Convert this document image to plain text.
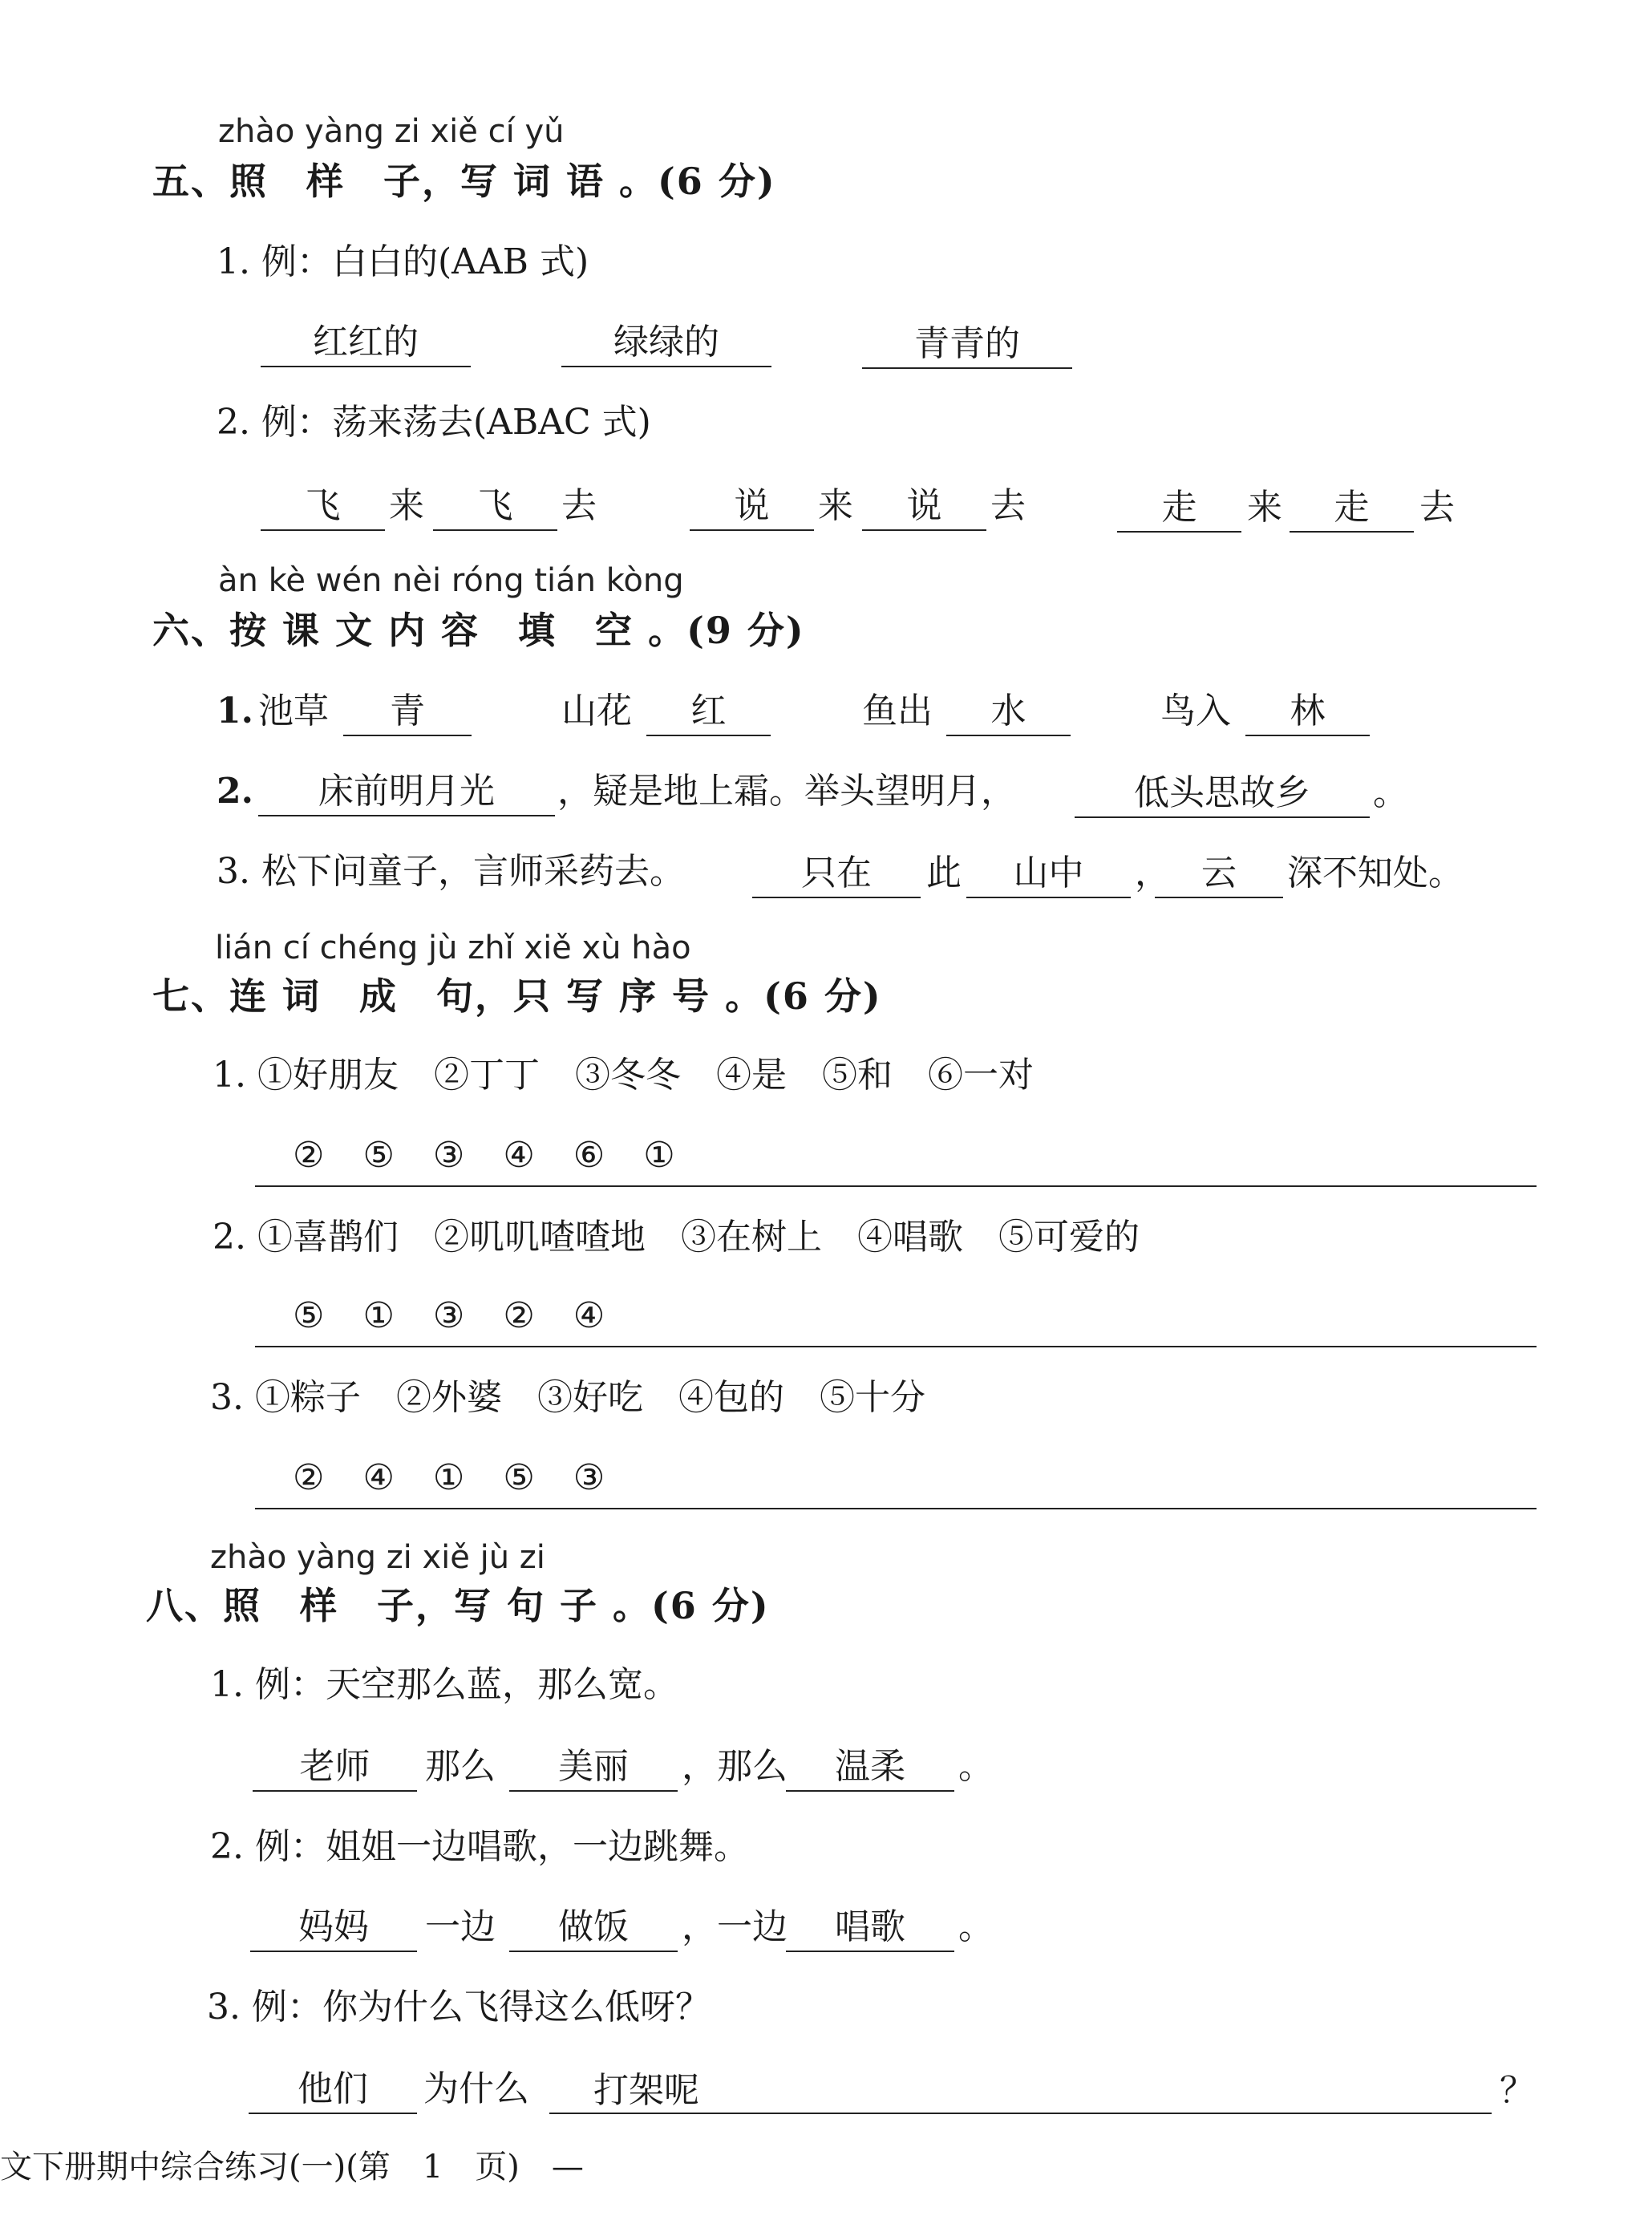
zhào yàng zi xiě cí yǔ
五、照　样　子，写 词 语 。(6 分)
1. 例：白白的(AAB 式)
红红的	绿绿的	青青的
2. 例：荡来荡去(ABAC 式)
飞	来	飞	去	说	来	说	去	走	来	走	去
àn kè wén nèi róng tián kòng
六、按 课 文 内 容　填　空 。(9 分)
1. 池草	青	山花	红	鱼出	水	鸟入	林
2.	床前明月光	，疑是地上霜。举头望明月，	低头思故乡	。
3. 松下问童子，言师采药去。	只在	此	山中	， 云	深不知处。
lián cí chéng jù zhǐ xiě xù hào
七、连 词　成　句，只 写 序 号 。(6 分)
1. ①好朋友　②丁丁　③冬冬　④是　⑤和　⑥一对
②　⑤　③　④　⑥　①
2. ①喜鹊们　②叽叽喳喳地　③在树上　④唱歌　⑤可爱的
⑤　①　③　②　④
3. ①粽子　②外婆　③好吃　④包的　⑤十分
②　④　①　⑤　③
zhào yàng zi xiě jù zi
八、照　样　子，写 句 子 。(6 分)
1. 例：天空那么蓝，那么宽。
老师	那么	美丽	，那么	温柔	。
2. 例：姐姐一边唱歌，一边跳舞。
妈妈	一边	做饭	，一边	唱歌	。
3. 例：你为什么飞得这么低呀？
他们	为什么	打架呢	？
文下册期中综合练习(一)(第　1　页)　—
